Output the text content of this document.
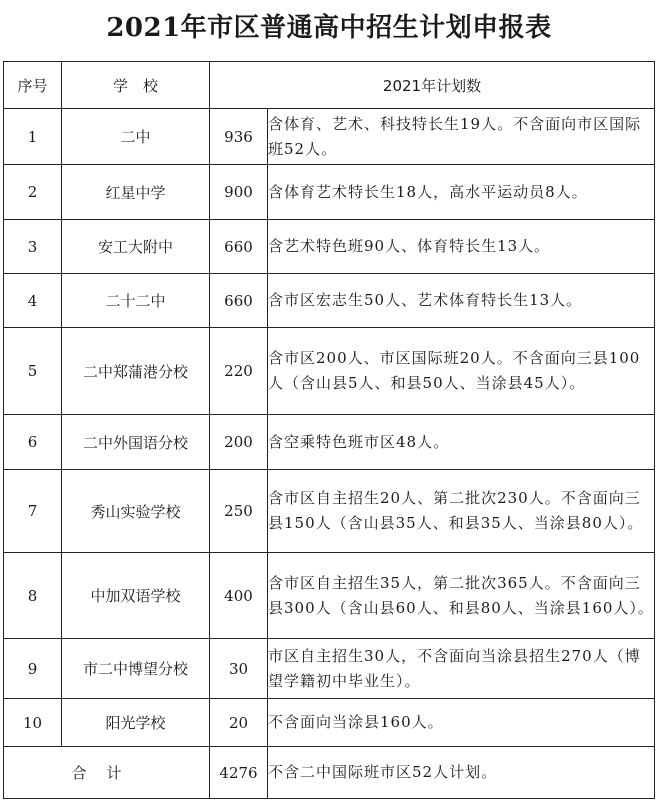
2021年市区普通高中招生计划申报表
序号	学　校	2021年计划数	
1	二中	936	含体育、艺术、科技特长生19人。不含面向市区国际班52人。
2	红星中学	900	含体育艺术特长生18人，高水平运动员8人。
3	安工大附中	660	含艺术特色班90人、体育特长生13人。
4	二十二中	660	含市区宏志生50人、艺术体育特长生13人。
5	二中郑蒲港分校	220	含市区200人、市区国际班20人。不含面向三县100人（含山县5人、和县50人、当涂县45人）。
6	二中外国语分校	200	含空乘特色班市区48人。
7	秀山实验学校	250	含市区自主招生20人、第二批次230人。不含面向三县150人（含山县35人、和县35人、当涂县80人）。
8	中加双语学校	400	含市区自主招生35人，第二批次365人。不含面向三县300人（含山县60人、和县80人、当涂县160人）。
9	市二中博望分校	30	市区自主招生30人，不含面向当涂县招生270人（博望学籍初中毕业生）。
10	阳光学校	20	不含面向当涂县160人。
合计		4276	不含二中国际班市区52人计划。
